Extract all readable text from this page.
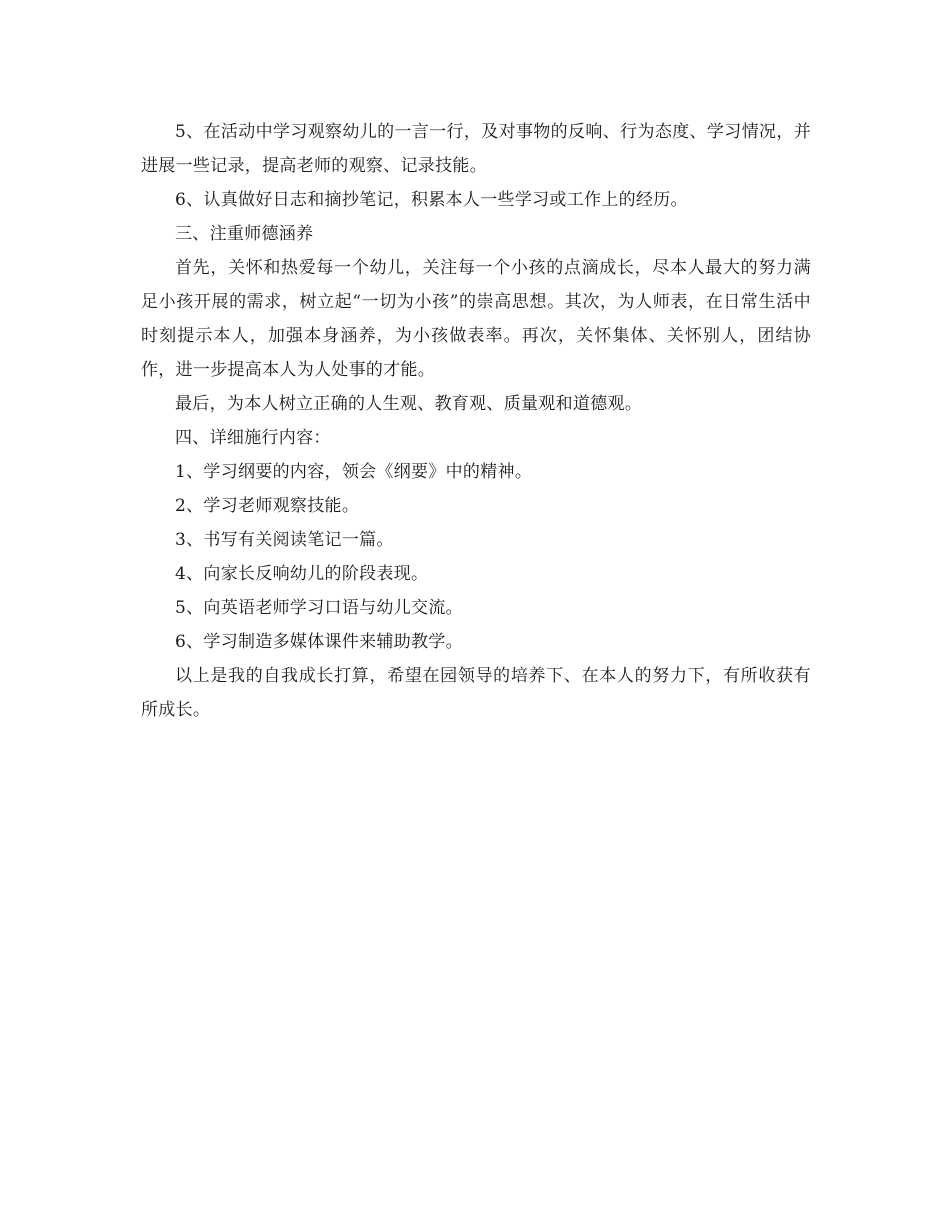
5、在活动中学习观察幼儿的一言一行，及对事物的反响、行为态度、学习情况，并进展一些记录，提高老师的观察、记录技能。

6、认真做好日志和摘抄笔记，积累本人一些学习或工作上的经历。

三、注重师德涵养

首先，关怀和热爱每一个幼儿，关注每一个小孩的点滴成长，尽本人最大的努力满足小孩开展的需求，树立起“一切为小孩”的崇高思想。其次，为人师表，在日常生活中时刻提示本人，加强本身涵养，为小孩做表率。再次，关怀集体、关怀别人，团结协作，进一步提高本人为人处事的才能。

最后，为本人树立正确的人生观、教育观、质量观和道德观。

四、详细施行内容：

1、学习纲要的内容，领会《纲要》中的精神。

2、学习老师观察技能。

3、书写有关阅读笔记一篇。

4、向家长反响幼儿的阶段表现。

5、向英语老师学习口语与幼儿交流。

6、学习制造多媒体课件来辅助教学。

以上是我的自我成长打算，希望在园领导的培养下、在本人的努力下，有所收获有所成长。
